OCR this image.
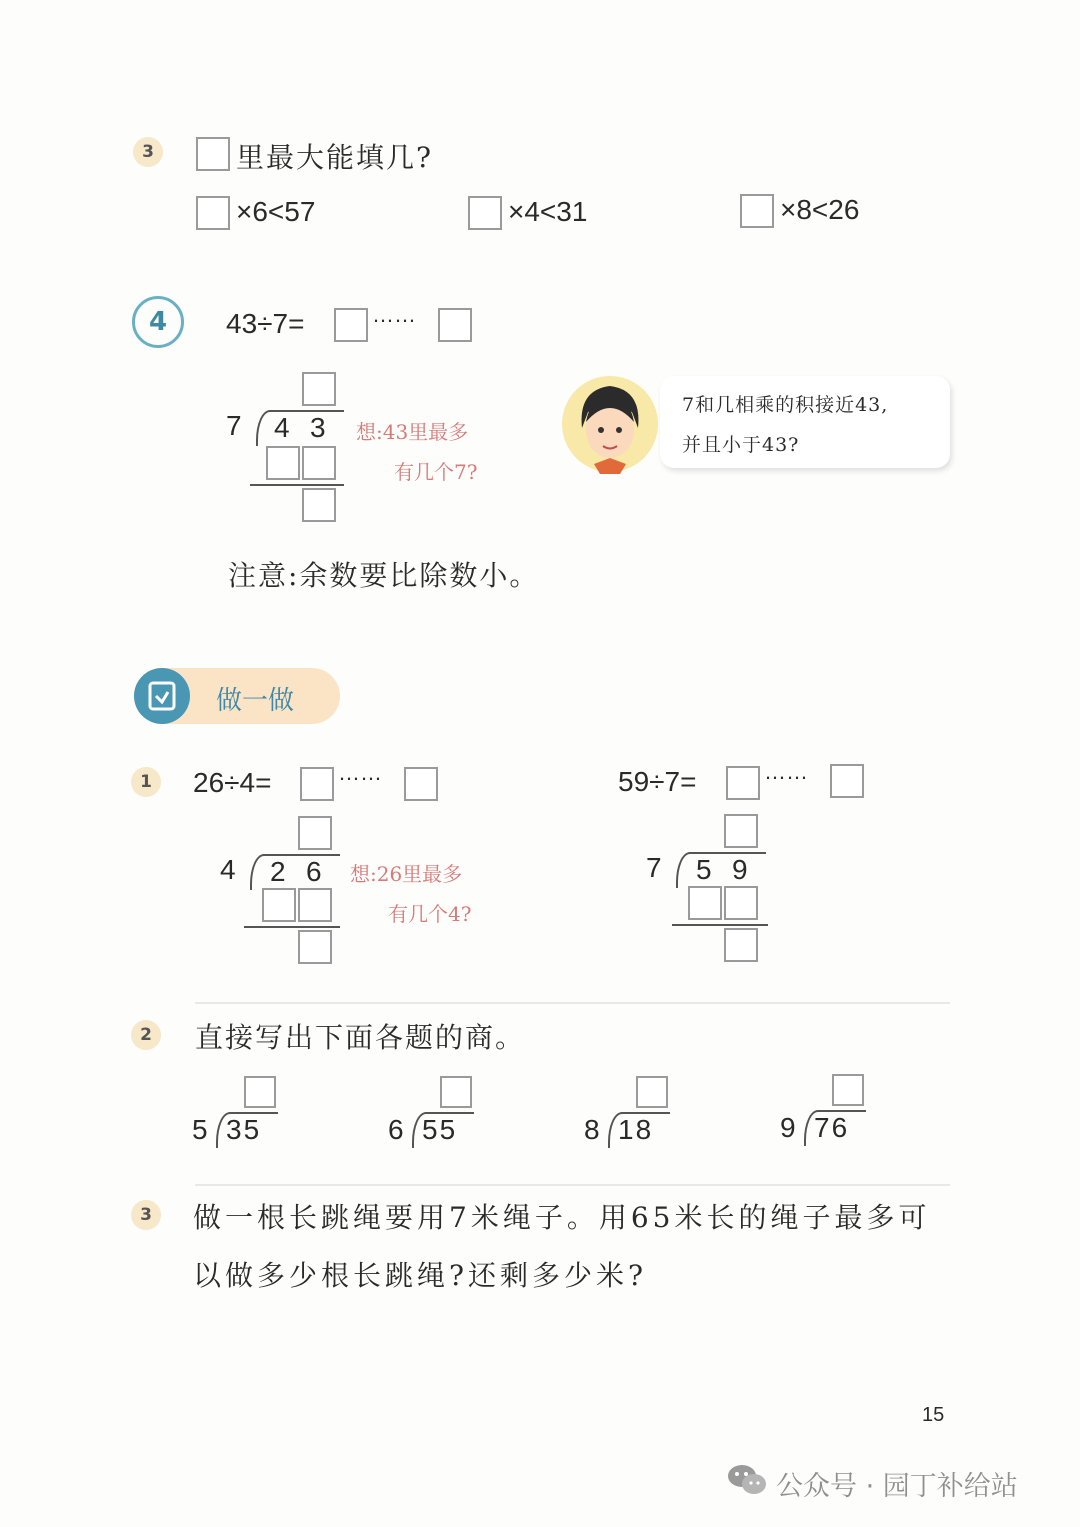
3	里最大能填几?
×6<57	×4<31	×8<26
4	43÷7=	……
7 4 3 想:43里最多
有几个7?
7和几相乘的积接近43,
并且小于43?
注意:余数要比除数小。
做一做
1	26÷4=	……
4 2 6 想:26里最多
有几个4?
59÷7=	……
7 5 9
2	直接写出下面各题的商。
5 35	6 55	8 18	9 76
3	做一根长跳绳要用7米绳子。用65米长的绳子最多可
以做多少根长跳绳?还剩多少米?
15
公众号 · 园丁补给站
